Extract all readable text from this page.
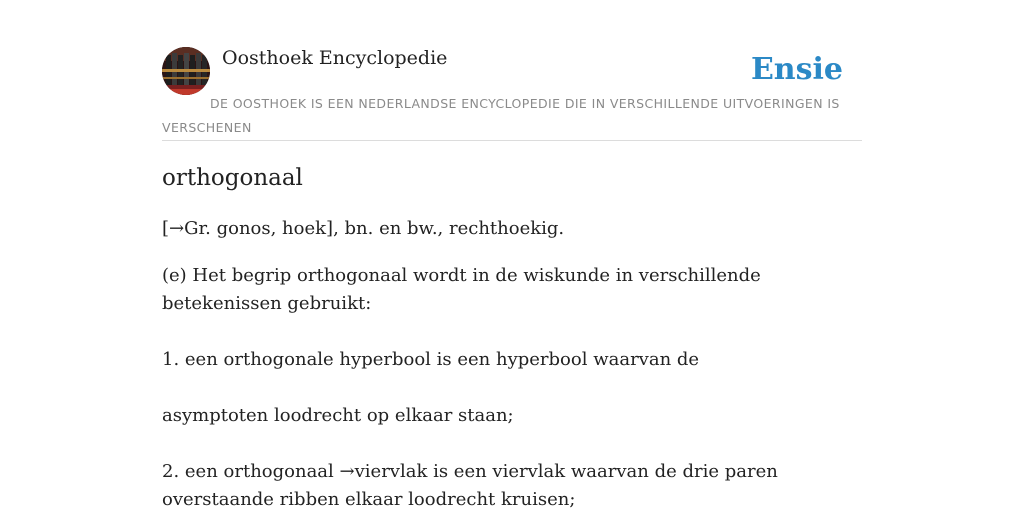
Oosthoek Encyclopedie	Ensie

DE OOSTHOEK IS EEN NEDERLANDSE ENCYCLOPEDIE DIE IN VERSCHILLENDE UITVOERINGEN IS VERSCHENEN

orthogonaal

[→Gr. gonos, hoek], bn. en bw., rechthoekig.

(e) Het begrip orthogonaal wordt in de wiskunde in verschillende betekenissen gebruikt:

1. een orthogonale hyperbool is een hyperbool waarvan de

asymptoten loodrecht op elkaar staan;

2. een orthogonaal →viervlak is een viervlak waarvan de drie paren overstaande ribben elkaar loodrecht kruisen;
